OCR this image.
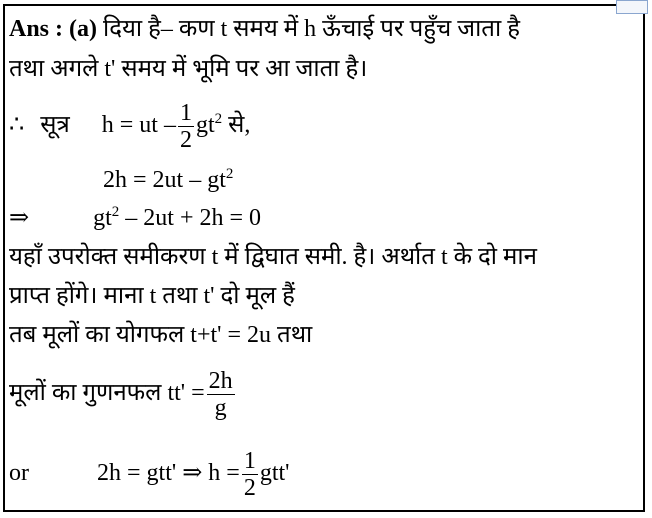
Ans : (a) दिया है– कण t समय में h ऊँचाई पर पहुँच जाता है
तथा अगले t' समय में भूमि पर आ जाता है।
∴ सूत्र h = ut – $\frac{1}{2} gt^2$ से,
$2h = 2ut - gt^2$
⇒	$gt^2 - 2ut + 2h = 0$
यहाँ उपरोक्त समीकरण t में द्विघात समी. है। अर्थात t के दो मान
प्राप्त होंगे। माना t तथा t' दो मूल हैं
तब मूलों का योगफल t+t' = 2u तथा
मूलों का गुणनफल $tt' = \frac{2h}{g}$
or	2h = gtt' ⇒ $h = \frac{1}{2} gtt'$
